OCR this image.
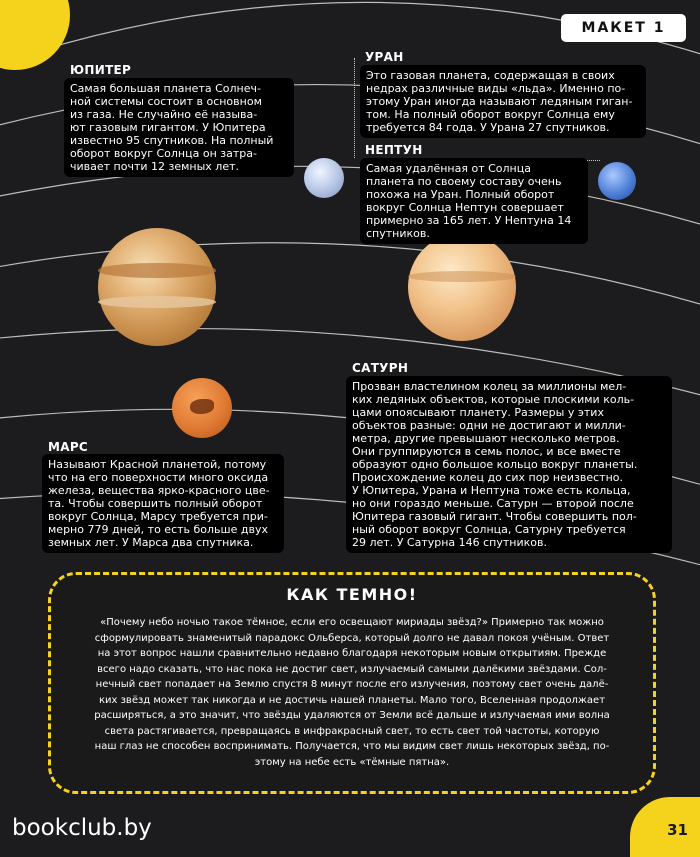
МАКЕТ 1
ЮПИТЕР
Самая большая планета Солнеч-
ной системы состоит в основном
из газа. Не случайно её называ-
ют газовым гигантом. У Юпитера
известно 95 спутников. На полный
оборот вокруг Солнца он затра-
чивает почти 12 земных лет.
УРАН
Это газовая планета, содержащая в своих
недрах различные виды «льда». Именно по-
этому Уран иногда называют ледяным гиган-
том. На полный оборот вокруг Солнца ему
требуется 84 года. У Урана 27 спутников.
НЕПТУН
Самая удалённая от Солнца
планета по своему составу очень
похожа на Уран. Полный оборот
вокруг Солнца Нептун совершает
примерно за 165 лет. У Нептуна 14
спутников.
САТУРН
Прозван властелином колец за миллионы мел-
ких ледяных объектов, которые плоскими коль-
цами опоясывают планету. Размеры у этих
объектов разные: одни не достигают и милли-
метра, другие превышают несколько метров.
Они группируются в семь полос, и все вместе
образуют одно большое кольцо вокруг планеты.
Происхождение колец до сих пор неизвестно.
У Юпитера, Урана и Нептуна тоже есть кольца,
но они гораздо меньше. Сатурн — второй после
Юпитера газовый гигант. Чтобы совершить пол-
ный оборот вокруг Солнца, Сатурну требуется
29 лет. У Сатурна 146 спутников.
МАРС
Называют Красной планетой, потому
что на его поверхности много оксида
железа, вещества ярко-красного цве-
та. Чтобы совершить полный оборот
вокруг Солнца, Марсу требуется при-
мерно 779 дней, то есть больше двух
земных лет. У Марса два спутника.
КАК ТЕМНО!
«Почему небо ночью такое тёмное, если его освещают мириады звёзд?» Примерно так можно
сформулировать знаменитый парадокс Ольберса, который долго не давал покоя учёным. Ответ
на этот вопрос нашли сравнительно недавно благодаря некоторым новым открытиям. Прежде
всего надо сказать, что нас пока не достиг свет, излучаемый самыми далёкими звёздами. Сол-
нечный свет попадает на Землю спустя 8 минут после его излучения, поэтому свет очень далё-
ких звёзд может так никогда и не достичь нашей планеты. Мало того, Вселенная продолжает
расширяться, а это значит, что звёзды удаляются от Земли всё дальше и излучаемая ими волна
света растягивается, превращаясь в инфракрасный свет, то есть свет той частоты, которую
наш глаз не способен воспринимать. Получается, что мы видим свет лишь некоторых звёзд, по-
этому на небе есть «тёмные пятна».
bookclub.by	31
